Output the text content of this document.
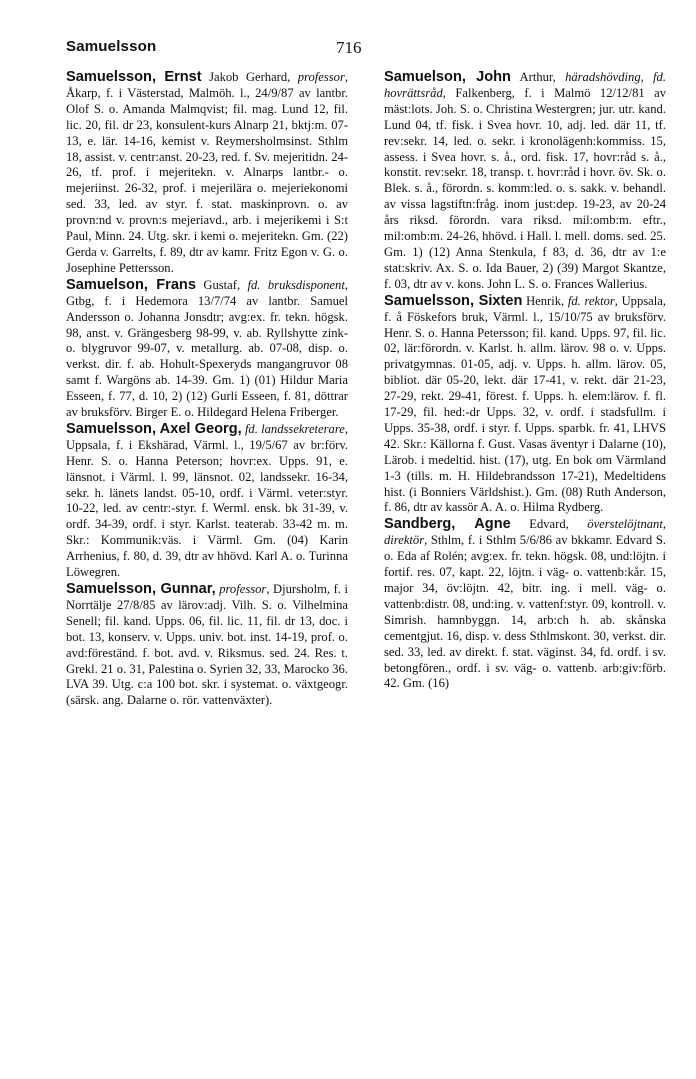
Samuelsson	716

Samuelsson, Ernst Jakob Gerhard, professor, Åkarp, f. i Västerstad, Malmöh. l., 24/9/87 av lantbr. Olof S. o. Amanda Malmqvist; fil. mag. Lund 12, fil. lic. 20, fil. dr 23, konsulent-kurs Alnarp 21, bktj:m. 07-13, e. lär. 14-16, kemist v. Reymersholmsinst. Sthlm 18, assist. v. centr:anst. 20-23, red. f. Sv. mejeritidn. 24-26, tf. prof. i mejeritekn. v. Alnarps lantbr.- o. mejeriinst. 26-32, prof. i mejerilära o. mejeriekonomi sed. 33, led. av styr. f. stat. maskinprovn. o. av provn:nd v. provn:s mejeriavd., arb. i mejerikemi i S:t Paul, Minn. 24. Utg. skr. i kemi o. mejeritekn. Gm. (22) Gerda v. Garrelts, f. 89, dtr av kamr. Fritz Egon v. G. o. Josephine Pettersson.

Samuelson, Frans Gustaf, fd. bruksdisponent, Gtbg, f. i Hedemora 13/7/74 av lantbr. Samuel Andersson o. Johanna Jonsdtr; avg:ex. fr. tekn. högsk. 98, anst. v. Grängesberg 98-99, v. ab. Ryllshytte zink- o. blygruvor 99-07, v. metallurg. ab. 07-08, disp. o. verkst. dir. f. ab. Hohult-Spexeryds mangangruvor 08 samt f. Wargöns ab. 14-39. Gm. 1) (01) Hildur Maria Esseen, f. 77, d. 10, 2) (12) Gurli Esseen, f. 81, döttrar av bruksförv. Birger E. o. Hildegard Helena Friberger.

Samuelsson, Axel Georg, fd. landssekreterare, Uppsala, f. i Ekshärad, Värml. l., 19/5/67 av br:förv. Henr. S. o. Hanna Peterson; hovr:ex. Upps. 91, e. länsnot. i Värml. l. 99, länsnot. 02, landssekr. 16-34, sekr. h. länets landst. 05-10, ordf. i Värml. veter:styr. 10-22, led. av centr:-styr. f. Werml. ensk. bk 31-39, v. ordf. 34-39, ordf. i styr. Karlst. teaterab. 33-42 m. m. Skr.: Kommunik:väs. i Värml. Gm. (04) Karin Arrhenius, f. 80, d. 39, dtr av hhövd. Karl A. o. Turinna Löwegren.

Samuelsson, Gunnar, professor, Djursholm, f. i Norrtälje 27/8/85 av lärov:adj. Vilh. S. o. Vilhelmina Senell; fil. kand. Upps. 06, fil. lic. 11, fil. dr 13, doc. i bot. 13, konserv. v. Upps. univ. bot. inst. 14-19, prof. o. avd:föreständ. f. bot. avd. v. Riksmus. sed. 24. Res. t. Grekl. 21 o. 31, Palestina o. Syrien 32, 33, Marocko 36. LVA 39. Utg. c:a 100 bot. skr. i systemat. o. växtgeogr. (särsk. ang. Dalarne o. rör. vattenväxter).

Samuelson, John Arthur, häradshövding, fd. hovrättsråd, Falkenberg, f. i Malmö 12/12/81 av mäst:lots. Joh. S. o. Christina Westergren; jur. utr. kand. Lund 04, tf. fisk. i Svea hovr. 10, adj. led. där 11, tf. rev:sekr. 14, led. o. sekr. i kronolägenh:kommiss. 15, assess. i Svea hovr. s. å., ord. fisk. 17, hovr:råd s. å., konstit. rev:sekr. 18, transp. t. hovr:råd i hovr. öv. Sk. o. Blek. s. å., förordn. s. komm:led. o. s. sakk. v. behandl. av vissa lagstiftn:fråg. inom just:dep. 19-23, av 20-24 års riksd. förordn. vara riksd. mil:omb:m. eftr., mil:omb:m. 24-26, hhövd. i Hall. l. mell. doms. sed. 25. Gm. 1) (12) Anna Stenkula, f 83, d. 36, dtr av 1:e stat:skriv. Ax. S. o. Ida Bauer, 2) (39) Margot Skantze, f. 03, dtr av v. kons. John L. S. o. Frances Wallerius.

Samuelsson, Sixten Henrik, fd. rektor, Uppsala, f. å Föskefors bruk, Värml. l., 15/10/75 av bruksförv. Henr. S. o. Hanna Petersson; fil. kand. Upps. 97, fil. lic. 02, lär:förordn. v. Karlst. h. allm. lärov. 98 o. v. Upps. privatgymnas. 01-05, adj. v. Upps. h. allm. lärov. 05, bibliot. där 05-20, lekt. där 17-41, v. rekt. där 21-23, 27-29, rekt. 29-41, förest. f. Upps. h. elem:lärov. f. fl. 17-29, fil. hed:-dr Upps. 32, v. ordf. i stadsfullm. i Upps. 35-38, ordf. i styr. f. Upps. sparbk. fr. 41, LHVS 42. Skr.: Källorna f. Gust. Vasas äventyr i Dalarne (10), Lärob. i medeltid. hist. (17), utg. En bok om Värmland 1-3 (tills. m. H. Hildebrandsson 17-21), Medeltidens hist. (i Bonniers Världshist.). Gm. (08) Ruth Anderson, f. 86, dtr av kassör A. A. o. Hilma Rydberg.

Sandberg, Agne Edvard, överstelöjtnant, direktör, Sthlm, f. i Sthlm 5/6/86 av bkkamr. Edvard S. o. Eda af Rolén; avg:ex. fr. tekn. högsk. 08, und:löjtn. i fortif. res. 07, kapt. 22, löjtn. i väg- o. vattenb:kår. 15, major 34, öv:löjtn. 42, bitr. ing. i mell. väg- o. vattenb:distr. 08, und:ing. v. vattenf:styr. 09, kontroll. v. Simrish. hamnbyggn. 14, arb:ch h. ab. skånska cementgjut. 16, disp. v. dess Sthlmskont. 30, verkst. dir. sed. 33, led. av direkt. f. stat. väginst. 34, fd. ordf. i sv. betongfören., ordf. i sv. väg- o. vattenb. arb:giv:förb. 42. Gm. (16)
